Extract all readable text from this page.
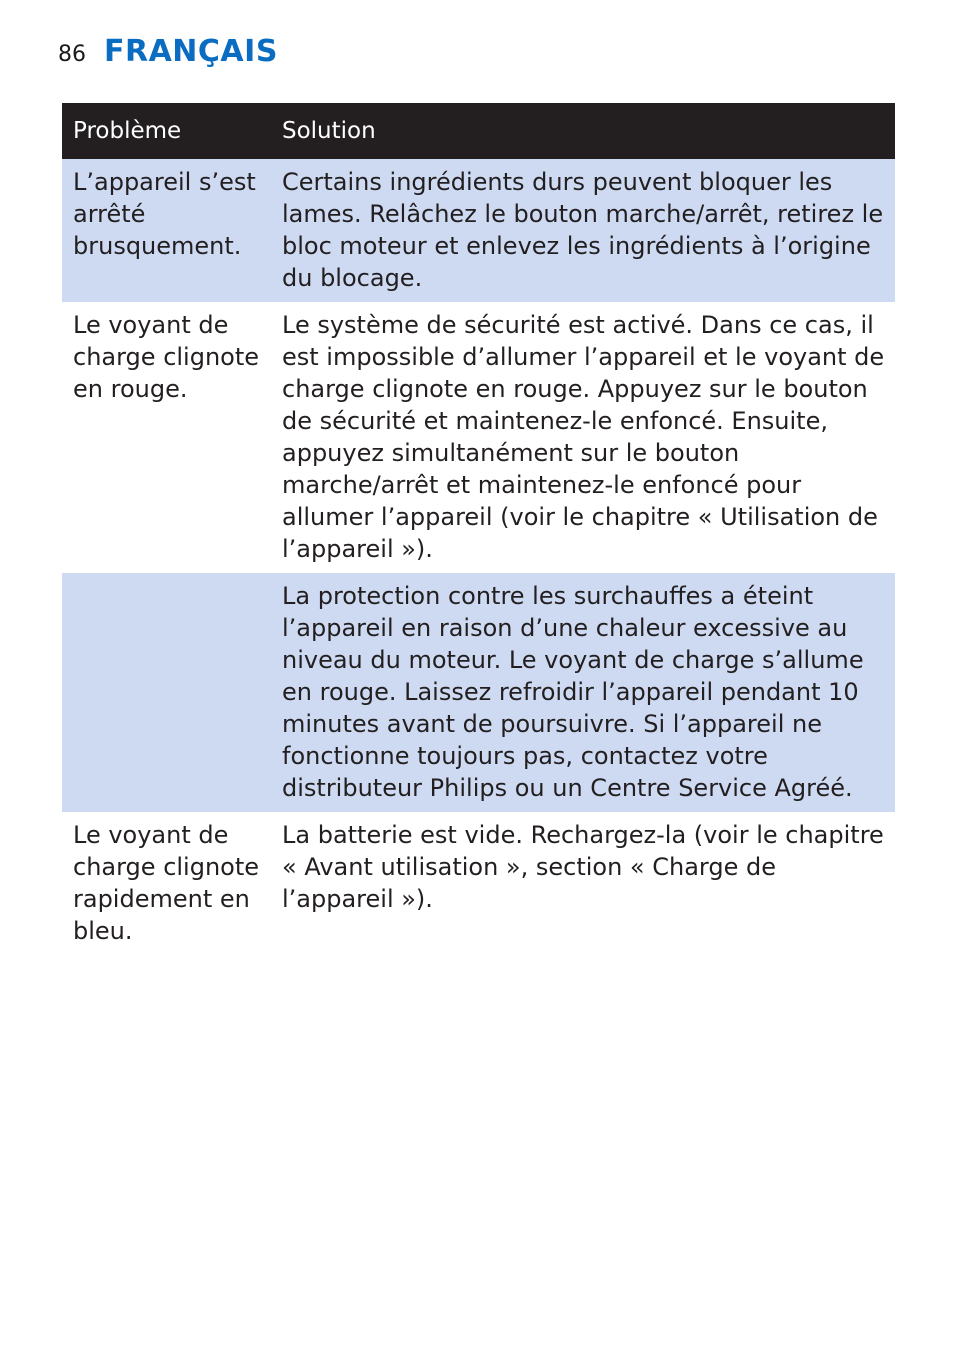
86 FRANÇAIS
Problème	Solution
L’appareil s’est arrêté brusquement.	Certains ingrédients durs peuvent bloquer les lames. Relâchez le bouton marche/arrêt, retirez le bloc moteur et enlevez les ingrédients à l’origine du blocage.
Le voyant de charge clignote en rouge.	Le système de sécurité est activé. Dans ce cas, il est impossible d’allumer l’appareil et le voyant de charge clignote en rouge. Appuyez sur le bouton de sécurité et maintenez-le enfoncé. Ensuite, appuyez simultanément sur le bouton marche/arrêt et maintenez-le enfoncé pour allumer l’appareil (voir le chapitre « Utilisation de l’appareil »).
	La protection contre les surchauffes a éteint l’appareil en raison d’une chaleur excessive au niveau du moteur. Le voyant de charge s’allume en rouge. Laissez refroidir l’appareil pendant 10 minutes avant de poursuivre. Si l’appareil ne fonctionne toujours pas, contactez votre distributeur Philips ou un Centre Service Agréé.
Le voyant de charge clignote rapidement en bleu.	La batterie est vide. Rechargez-la (voir le chapitre « Avant utilisation », section « Charge de l’appareil »).
